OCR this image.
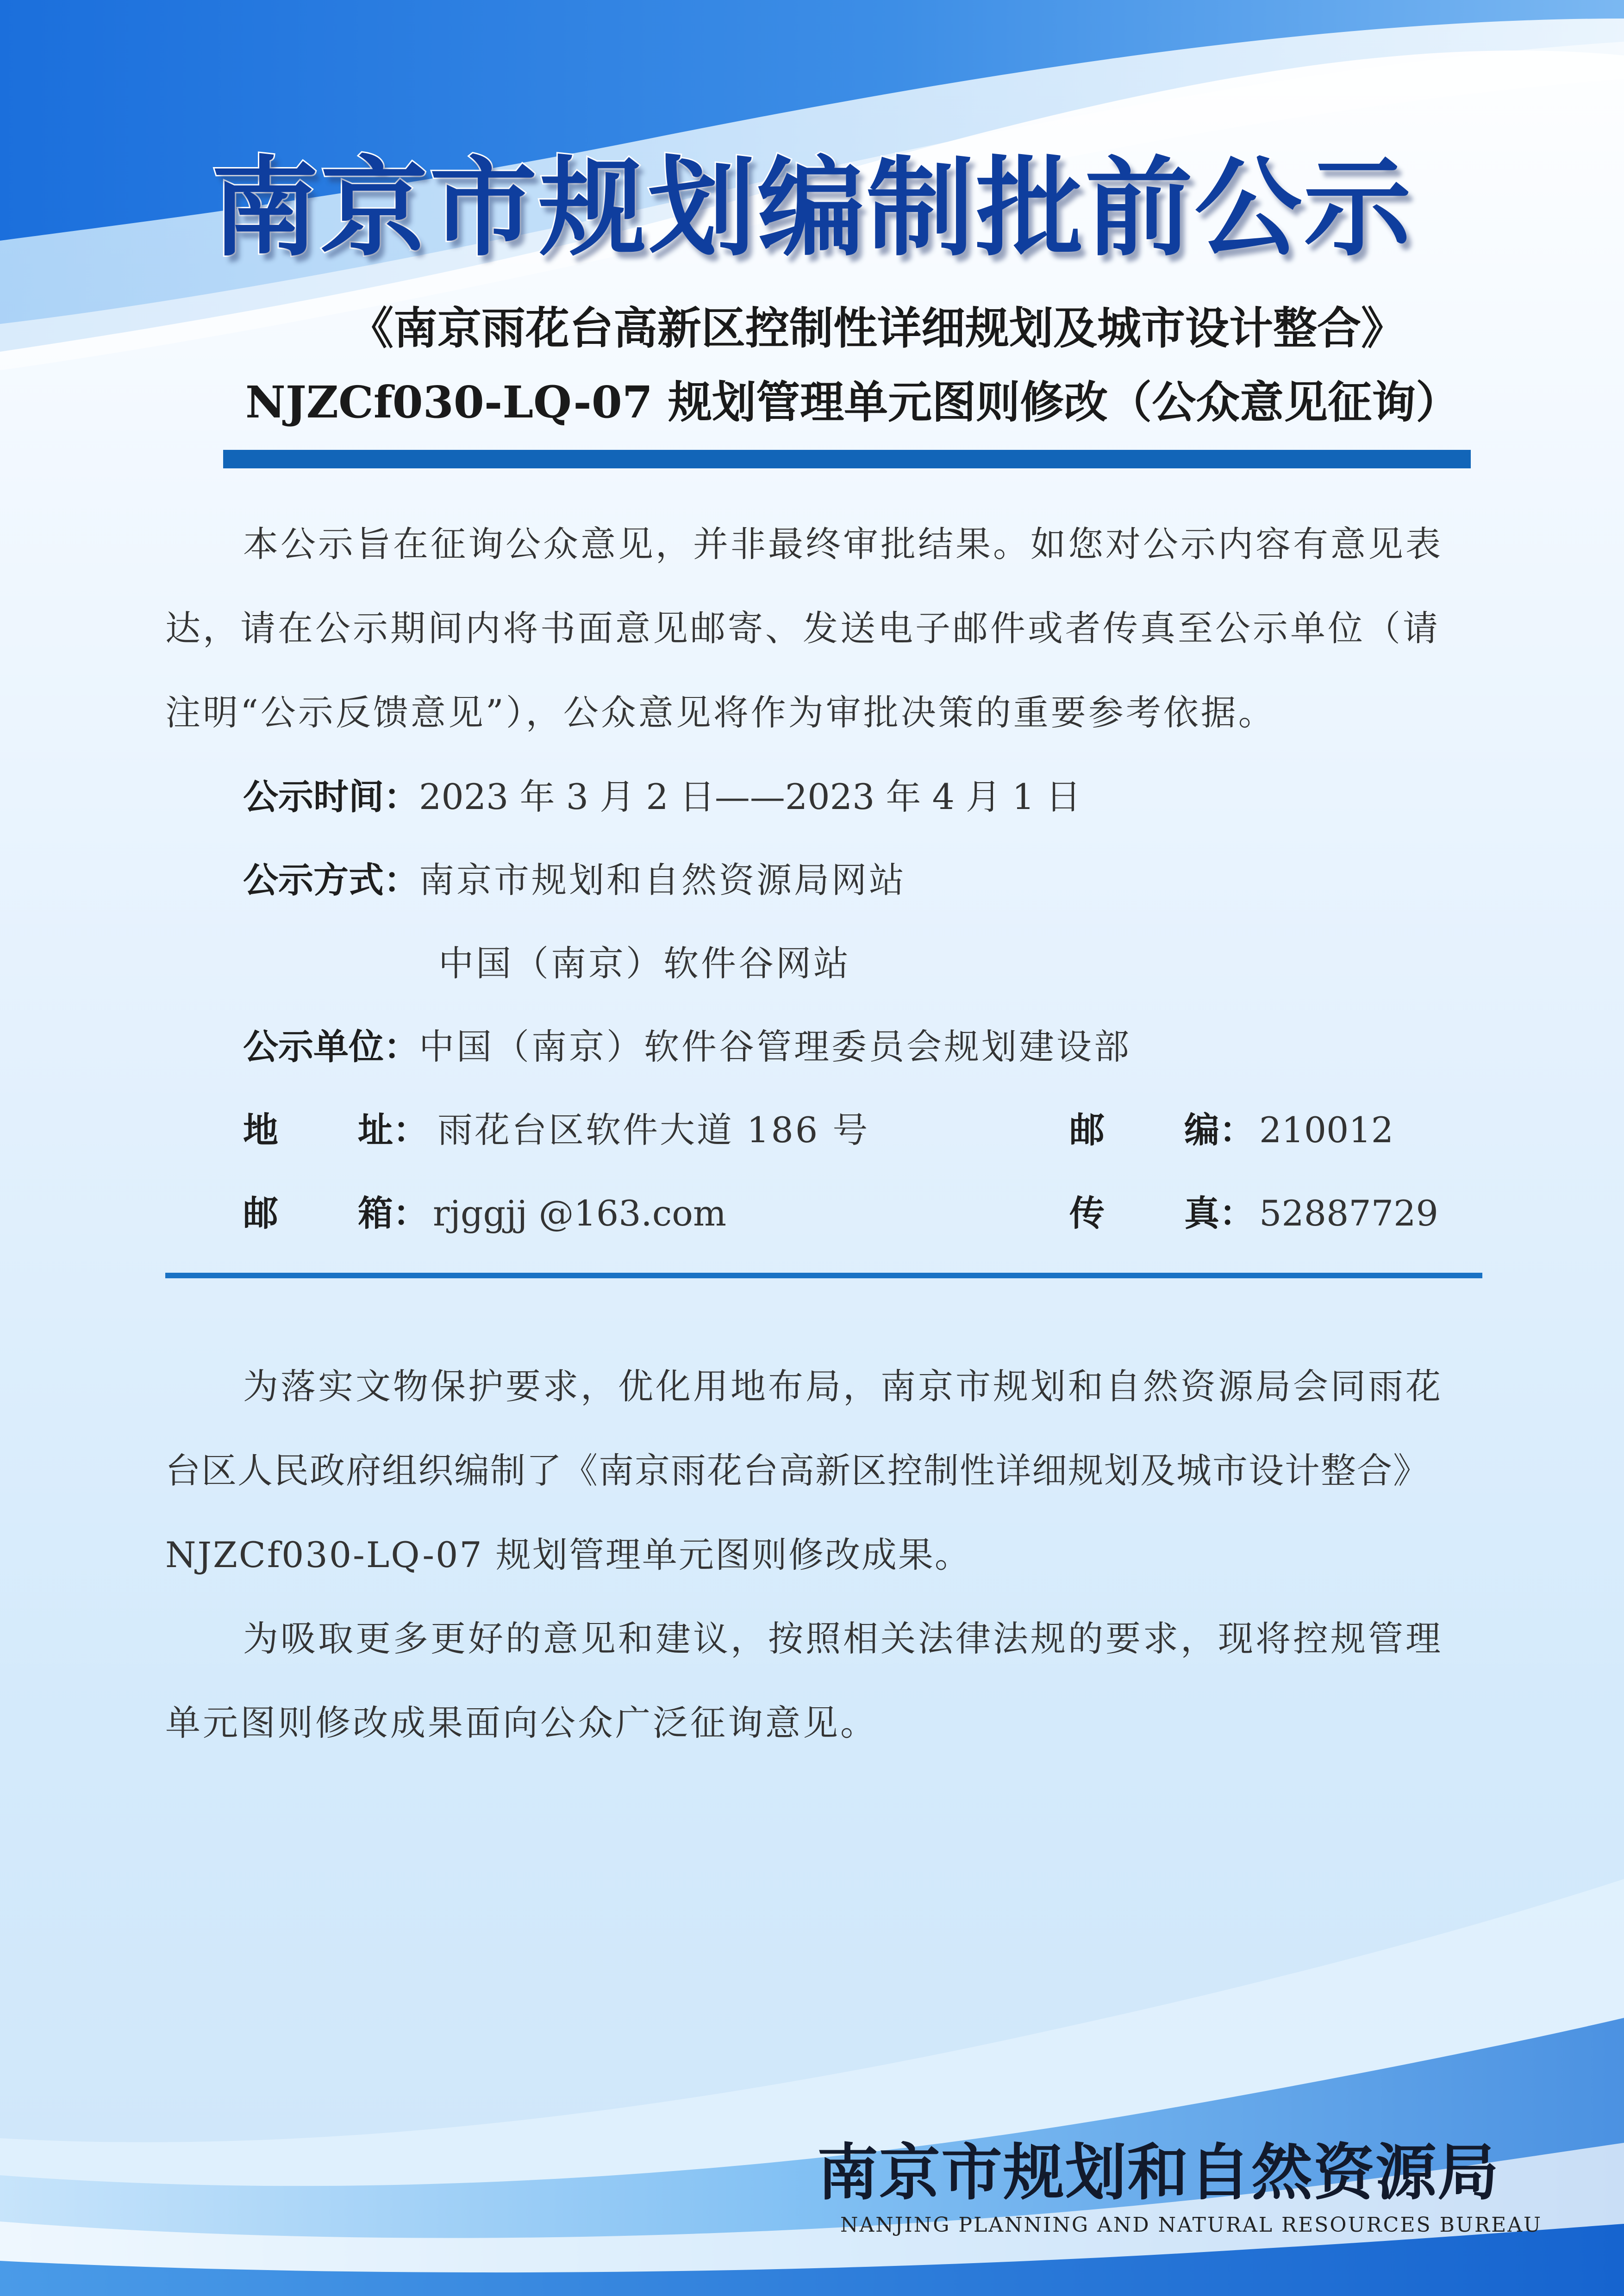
南京市规划编制批前公示
《南京雨花台高新区控制性详细规划及城市设计整合》
NJZCf030-LQ-07 规划管理单元图则修改（公众意见征询）
本公示旨在征询公众意见，并非最终审批结果。如您对公示内容有意见表
达，请在公示期间内将书面意见邮寄、发送电子邮件或者传真至公示单位（请
注明“公示反馈意见”），公众意见将作为审批决策的重要参考依据。
公示时间：2023 年 3 月 2 日——2023 年 4 月 1 日
公示方式：南京市规划和自然资源局网站
中国（南京）软件谷网站
公示单位：中国（南京）软件谷管理委员会规划建设部
地 址： 雨花台区软件大道 186 号	邮 编： 210012
邮 箱： rjggjj @163.com	传 真： 52887729
为落实文物保护要求，优化用地布局，南京市规划和自然资源局会同雨花
台区人民政府组织编制了《南京雨花台高新区控制性详细规划及城市设计整合》
NJZCf030-LQ-07 规划管理单元图则修改成果。
为吸取更多更好的意见和建议，按照相关法律法规的要求，现将控规管理
单元图则修改成果面向公众广泛征询意见。
南京市规划和自然资源局
NANJING PLANNING AND NATURAL RESOURCES BUREAU
